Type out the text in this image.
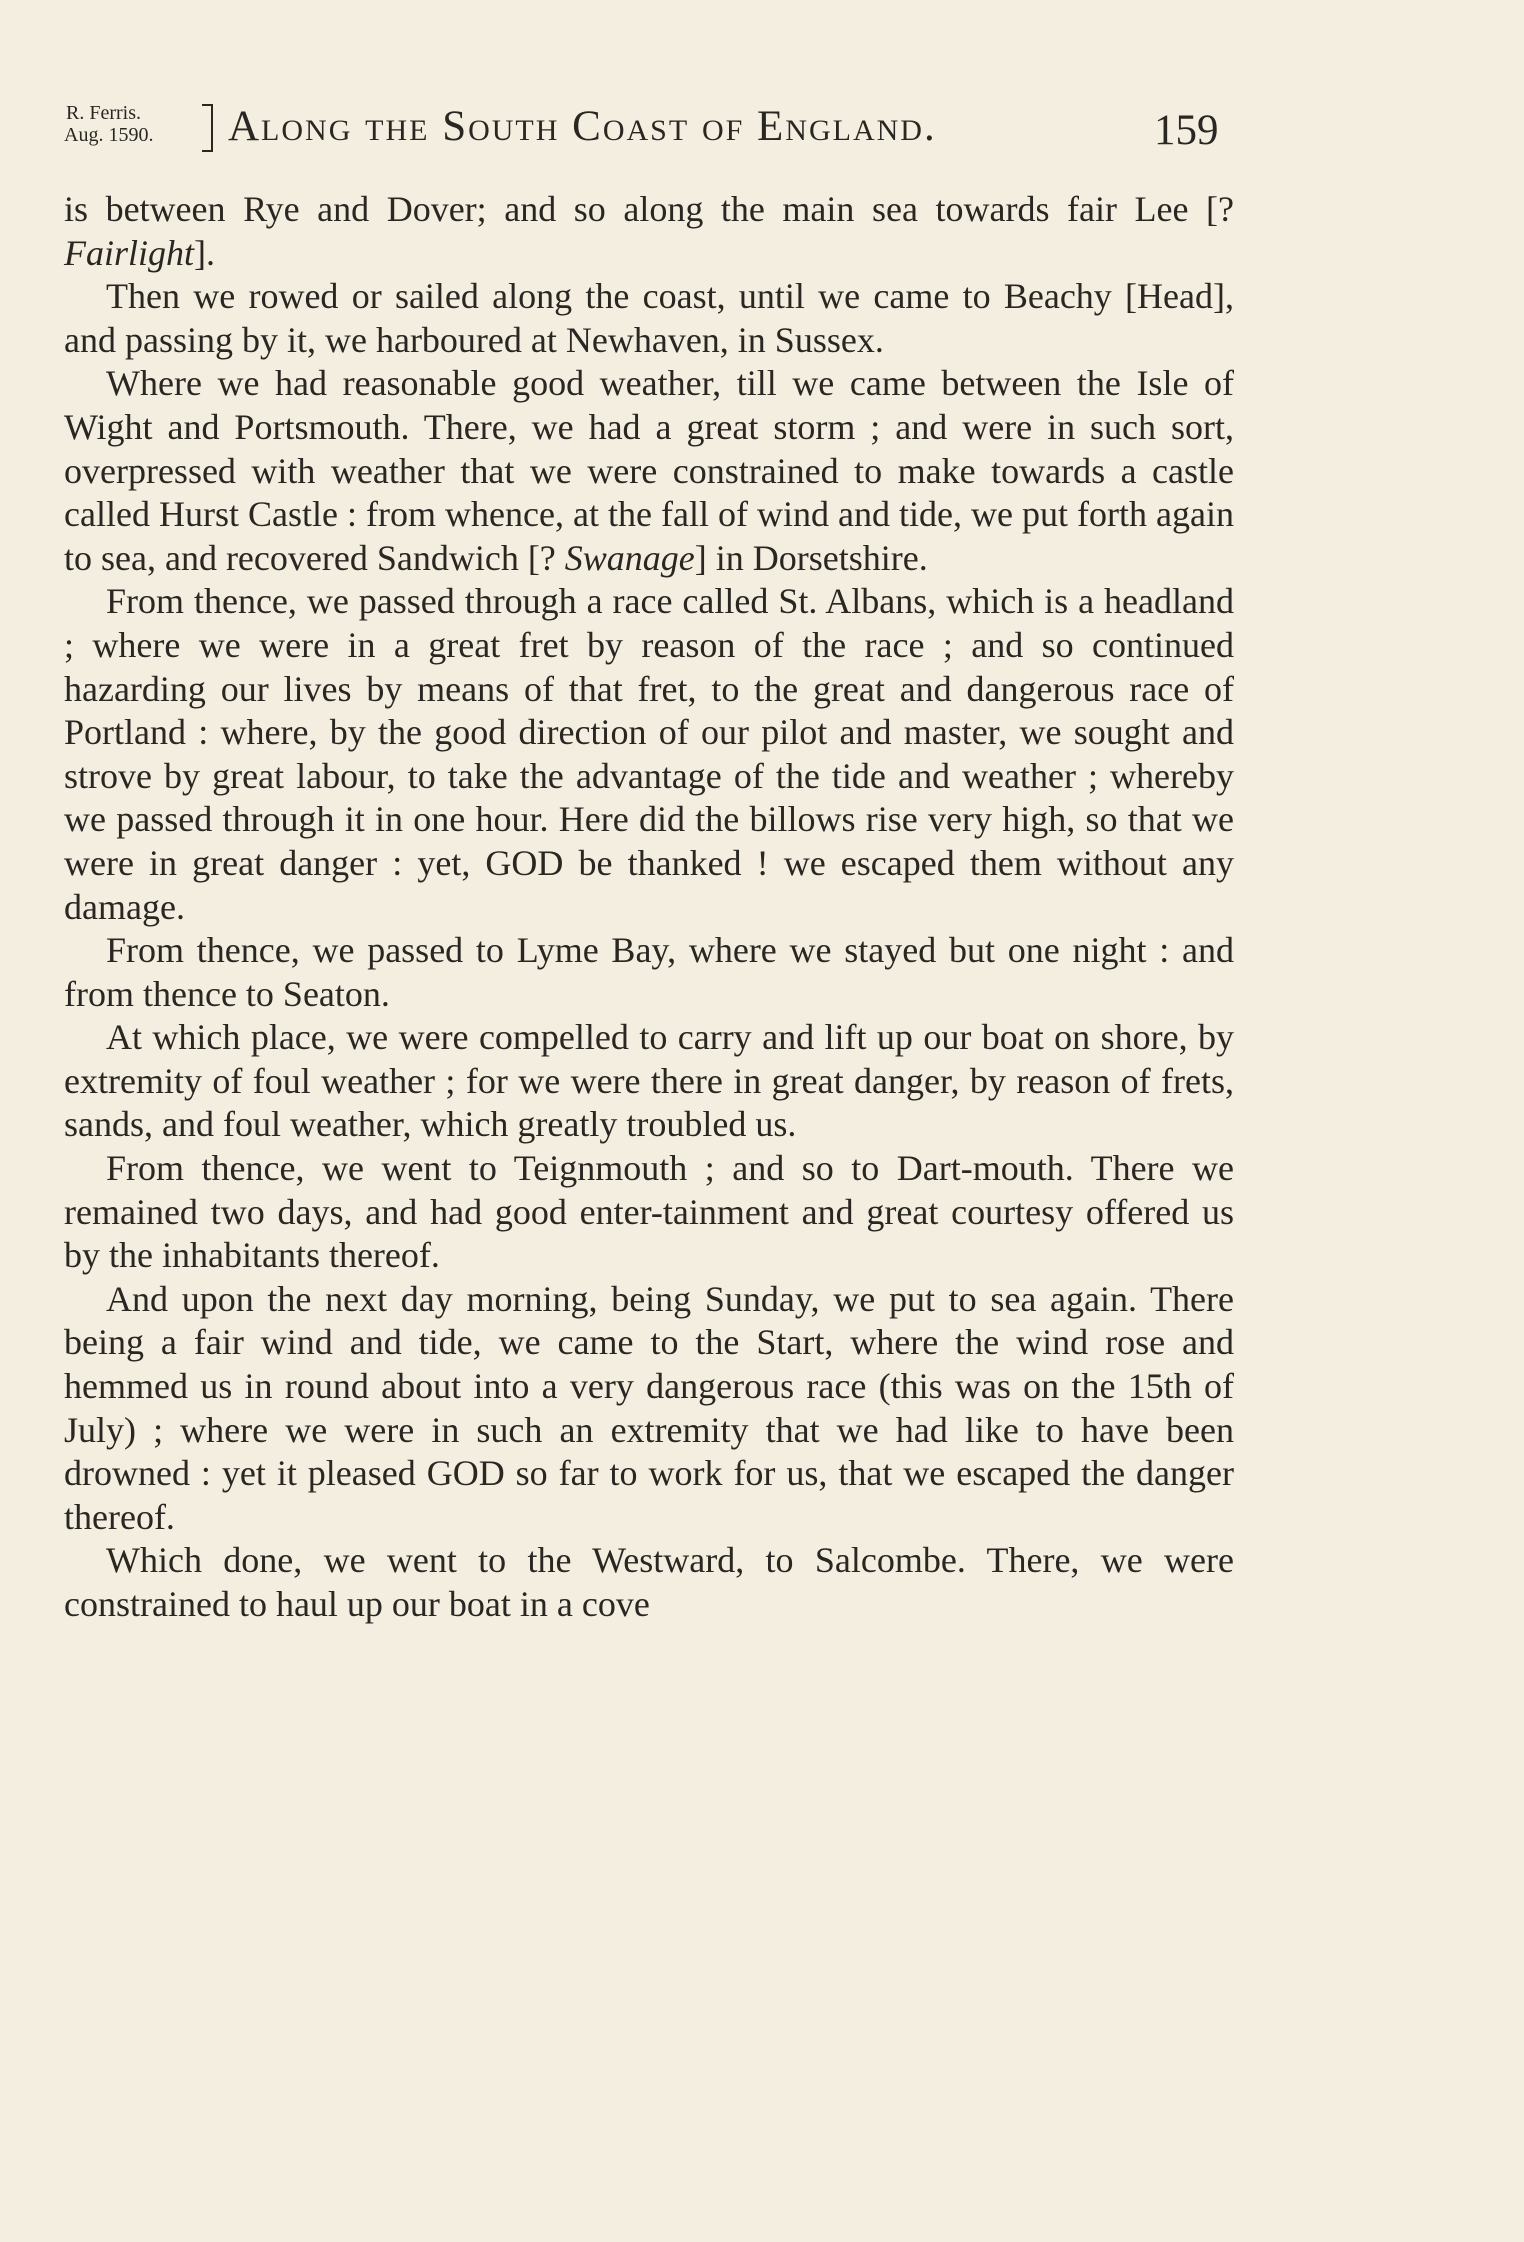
R. Ferris.
Aug. 1590.	Along the South Coast of England.	159

is between Rye and Dover; and so along the main sea towards fair Lee [? Fairlight].

Then we rowed or sailed along the coast, until we came to Beachy [Head], and passing by it, we harboured at Newhaven, in Sussex.

Where we had reasonable good weather, till we came between the Isle of Wight and Portsmouth. There, we had a great storm ; and were in such sort, overpressed with weather that we were constrained to make towards a castle called Hurst Castle : from whence, at the fall of wind and tide, we put forth again to sea, and recovered Sandwich [? Swanage] in Dorsetshire.

From thence, we passed through a race called St. Albans, which is a headland ; where we were in a great fret by reason of the race ; and so continued hazarding our lives by means of that fret, to the great and dangerous race of Portland : where, by the good direction of our pilot and master, we sought and strove by great labour, to take the advantage of the tide and weather ; whereby we passed through it in one hour. Here did the billows rise very high, so that we were in great danger : yet, GOD be thanked ! we escaped them without any damage.

From thence, we passed to Lyme Bay, where we stayed but one night : and from thence to Seaton.

At which place, we were compelled to carry and lift up our boat on shore, by extremity of foul weather ; for we were there in great danger, by reason of frets, sands, and foul weather, which greatly troubled us.

From thence, we went to Teignmouth ; and so to Dart-mouth. There we remained two days, and had good enter-tainment and great courtesy offered us by the inhabitants thereof.

And upon the next day morning, being Sunday, we put to sea again. There being a fair wind and tide, we came to the Start, where the wind rose and hemmed us in round about into a very dangerous race (this was on the 15th of July) ; where we were in such an extremity that we had like to have been drowned : yet it pleased GOD so far to work for us, that we escaped the danger thereof.

Which done, we went to the Westward, to Salcombe. There, we were constrained to haul up our boat in a cove
